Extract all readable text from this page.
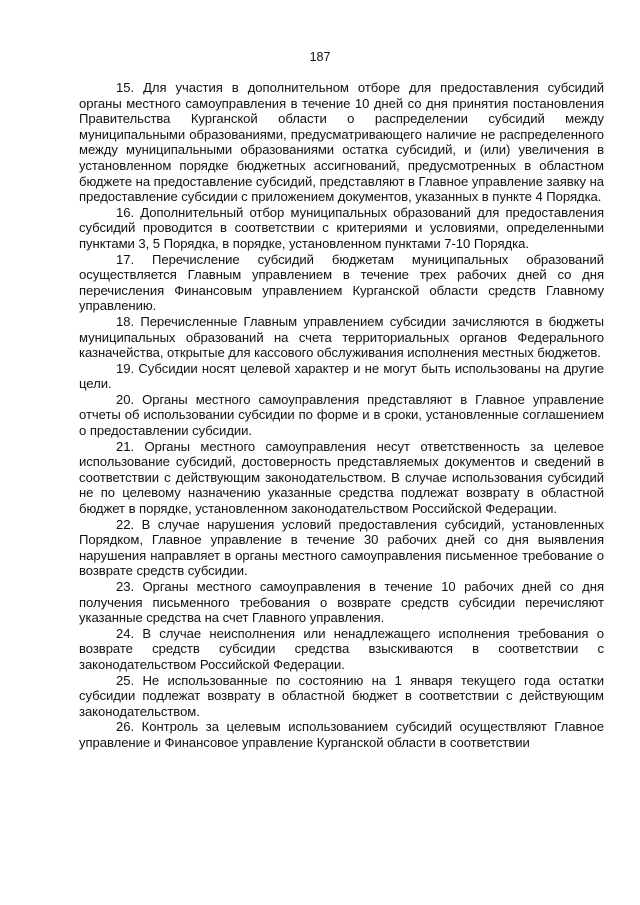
187

15. Для участия в дополнительном отборе для предоставления субсидий органы местного самоуправления в течение 10 дней со дня принятия постановления Правительства Курганской области о распределении субсидий между муниципальными образованиями, предусматривающего наличие не распределенного между муниципальными образованиями остатка субсидий, и (или) увеличения в установленном порядке бюджетных ассигнований, предусмотренных в областном бюджете на предоставление субсидий, представляют в Главное управление заявку на предоставление субсидии с приложением документов, указанных в пункте 4 Порядка.

16. Дополнительный отбор муниципальных образований для предоставления субсидий проводится в соответствии с критериями и условиями, определенными пунктами 3, 5 Порядка, в порядке, установленном пунктами 7-10 Порядка.

17. Перечисление субсидий бюджетам муниципальных образований осуществляется Главным управлением в течение трех рабочих дней со дня перечисления Финансовым управлением Курганской области средств Главному управлению.

18. Перечисленные Главным управлением субсидии зачисляются в бюджеты муниципальных образований на счета территориальных органов Федерального казначейства, открытые для кассового обслуживания исполнения местных бюджетов.

19. Субсидии носят целевой характер и не могут быть использованы на другие цели.

20. Органы местного самоуправления представляют в Главное управление отчеты об использовании субсидии по форме и в сроки, установленные соглашением о предоставлении субсидии.

21. Органы местного самоуправления несут ответственность за целевое использование субсидий, достоверность представляемых документов и сведений в соответствии с действующим законодательством. В случае использования субсидий не по целевому назначению указанные средства подлежат возврату в областной бюджет в порядке, установленном законодательством Российской Федерации.

22. В случае нарушения условий предоставления субсидий, установленных Порядком, Главное управление в течение 30 рабочих дней со дня выявления нарушения направляет в органы местного самоуправления письменное требование о возврате средств субсидии.

23. Органы местного самоуправления в течение 10 рабочих дней со дня получения письменного требования о возврате средств субсидии перечисляют указанные средства на счет Главного управления.

24. В случае неисполнения или ненадлежащего исполнения требования о возврате средств субсидии средства взыскиваются в соответствии с законодательством Российской Федерации.

25. Не использованные по состоянию на 1 января текущего года остатки субсидии подлежат возврату в областной бюджет в соответствии с действующим законодательством.

26. Контроль за целевым использованием субсидий осуществляют Главное управление и Финансовое управление Курганской области в соответствии
